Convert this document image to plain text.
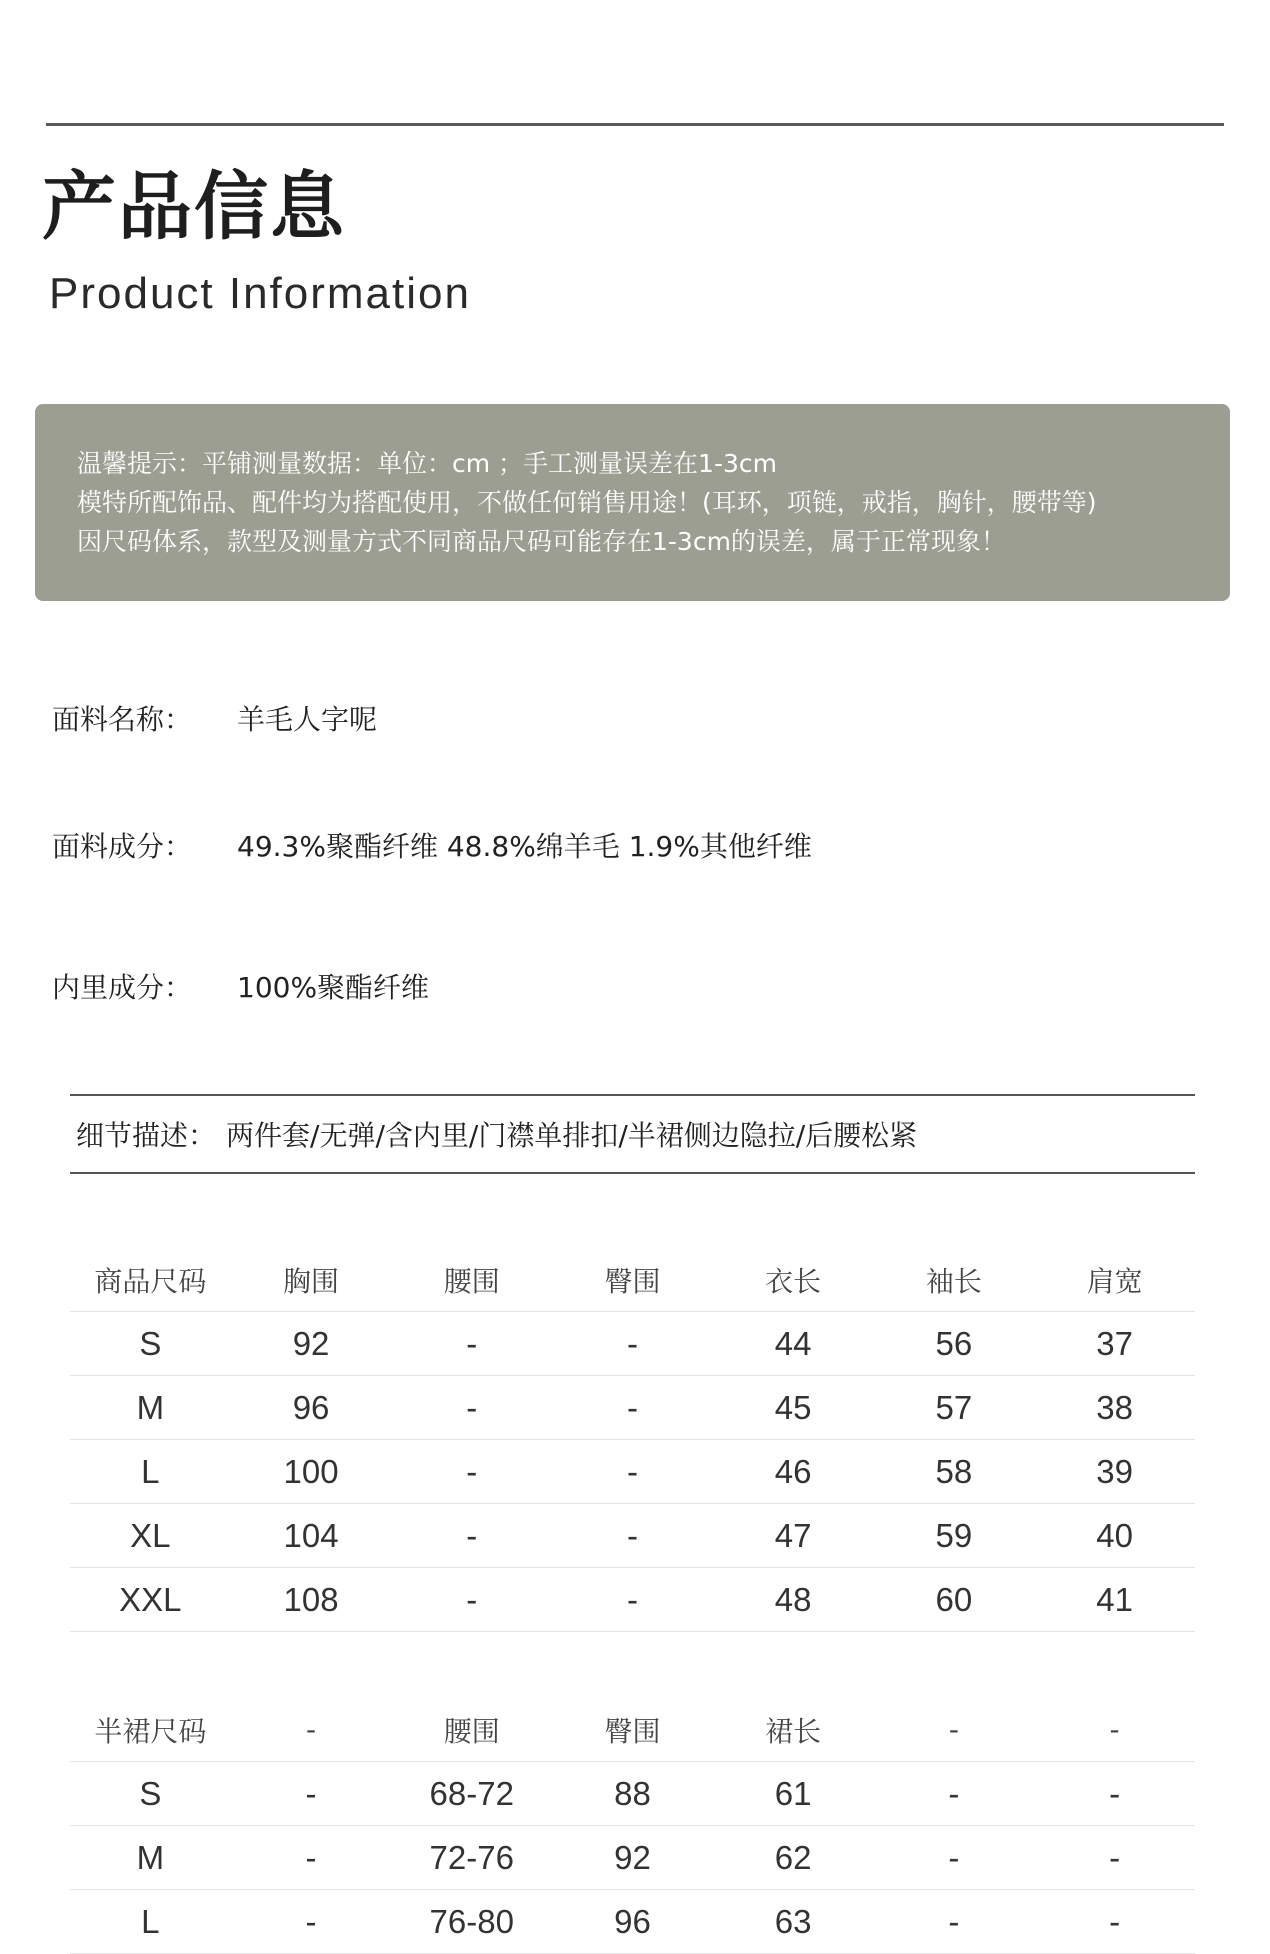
产品信息
Product Information
温馨提示：平铺测量数据：单位：cm ；手工测量误差在1-3cm
模特所配饰品、配件均为搭配使用，不做任何销售用途！(耳环，项链，戒指，胸针，腰带等)
因尺码体系，款型及测量方式不同商品尺码可能存在1-3cm的误差，属于正常现象！
面料名称： 羊毛人字呢
面料成分： 49.3%聚酯纤维 48.8%绵羊毛 1.9%其他纤维
内里成分： 100%聚酯纤维
细节描述： 两件套/无弹/含内里/门襟单排扣/半裙侧边隐拉/后腰松紧
商品尺码	胸围	腰围	臀围	衣长	袖长	肩宽
S	92	-	-	44	56	37
M	96	-	-	45	57	38
L	100	-	-	46	58	39
XL	104	-	-	47	59	40
XXL	108	-	-	48	60	41
半裙尺码	-	腰围	臀围	裙长	-	-
S	-	68-72	88	61	-	-
M	-	72-76	92	62	-	-
L	-	76-80	96	63	-	-
